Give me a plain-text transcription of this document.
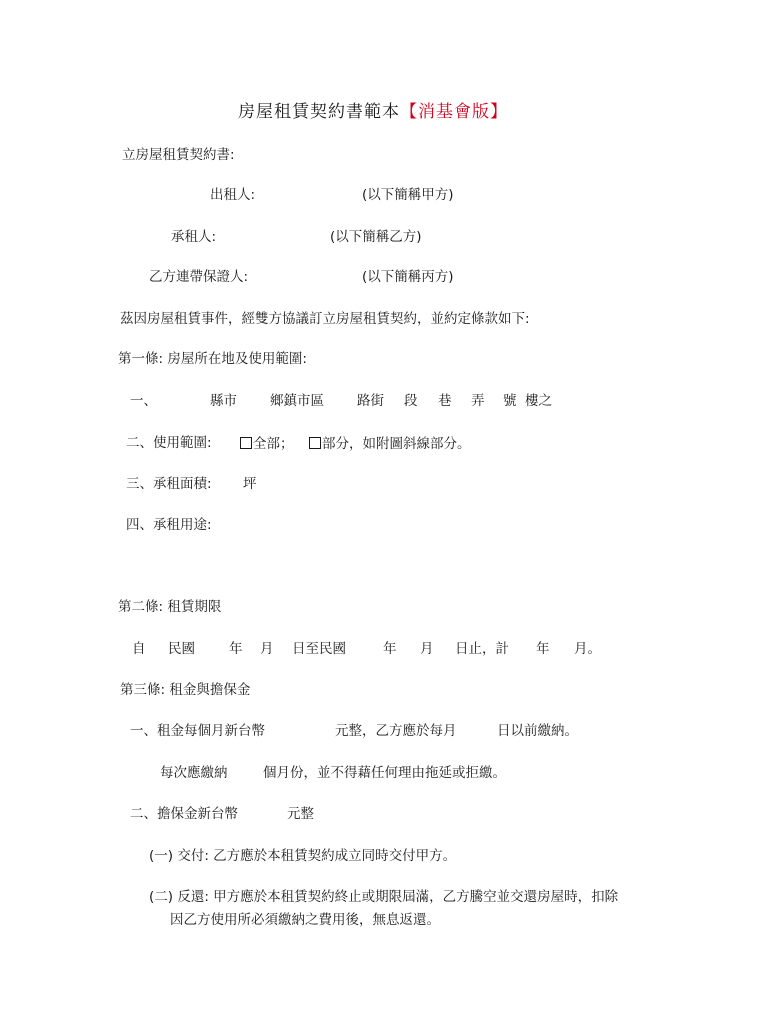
房屋租賃契約書範本【消基會版】
立房屋租賃契約書:
出租人:	(以下簡稱甲方)
承租人:	(以下簡稱乙方)
乙方連帶保證人:	(以下簡稱丙方)
茲因房屋租賃事件，經雙方協議訂立房屋租賃契約，並約定條款如下:
第一條: 房屋所在地及使用範圍:
一、	縣市 鄉鎮市區 路街 段 巷 弄 號 樓之
二、使用範圍:	全部；	部分，如附圖斜線部分。
三、承租面積: 坪
四、承租用途:
第二條: 租賃期限
自 民國	年 月 日至民國	年 月 日止，計 年 月。
第三條: 租金與擔保金
一、租金每個月新台幣	元整，乙方應於每月	日以前繳納。
每次應繳納	個月份，並不得藉任何理由拖延或拒繳。
二、擔保金新台幣	元整
(一) 交付: 乙方應於本租賃契約成立同時交付甲方。
(二) 反還: 甲方應於本租賃契約終止或期限屆滿，乙方騰空並交還房屋時，扣除
因乙方使用所必須繳納之費用後，無息返還。
